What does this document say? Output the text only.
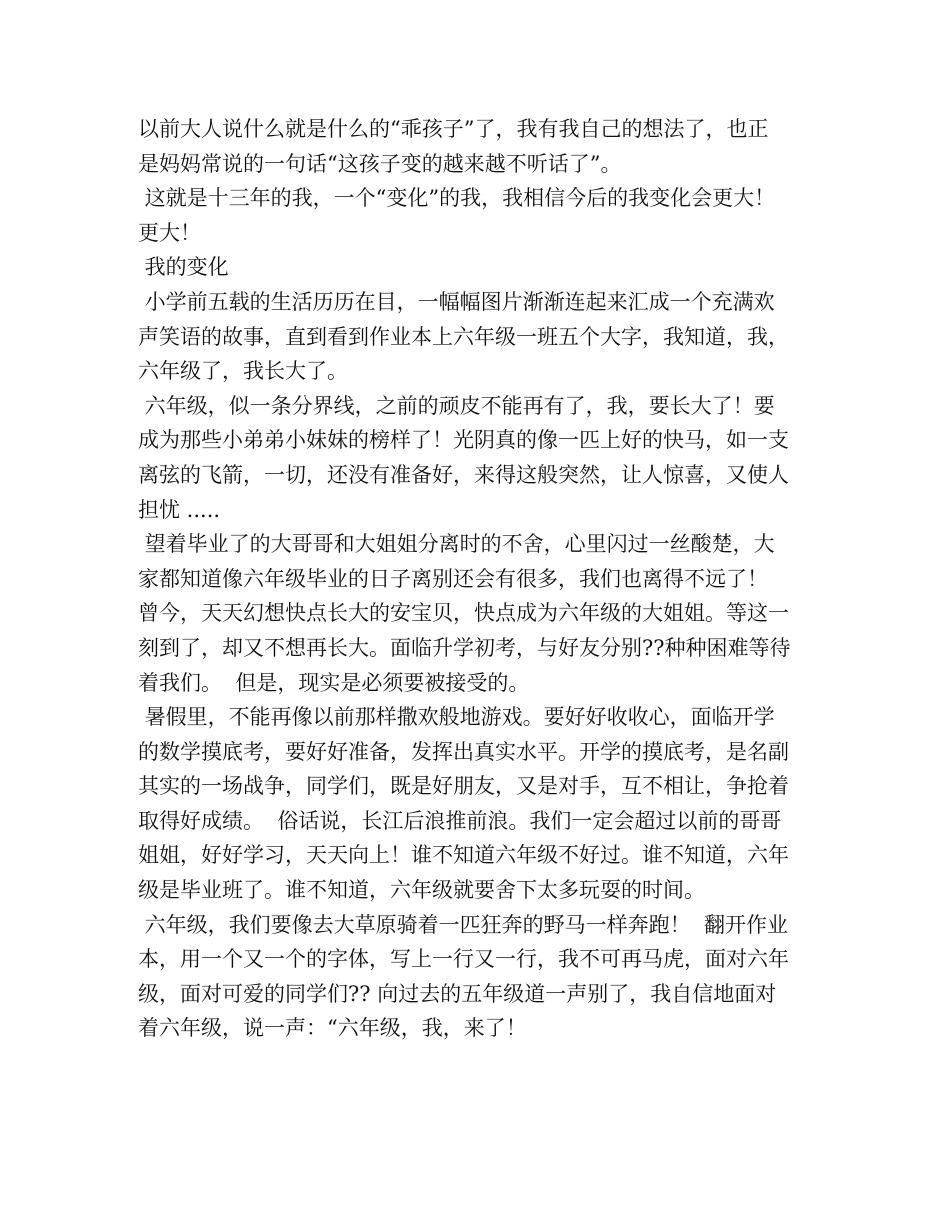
以前大人说什么就是什么的“乖孩子”了，我有我自己的想法了，也正
是妈妈常说的一句话“这孩子变的越来越不听话了”。
这就是十三年的我，一个“变化”的我，我相信今后的我变化会更大！
更大！
我的变化
小学前五载的生活历历在目，一幅幅图片渐渐连起来汇成一个充满欢
声笑语的故事，直到看到作业本上六年级一班五个大字，我知道，我，
六年级了，我长大了。
六年级，似一条分界线，之前的顽皮不能再有了，我，要长大了！要
成为那些小弟弟小妹妹的榜样了！光阴真的像一匹上好的快马，如一支
离弦的飞箭，一切，还没有准备好，来得这般突然，让人惊喜，又使人
担忧 .....
望着毕业了的大哥哥和大姐姐分离时的不舍，心里闪过一丝酸楚，大
家都知道像六年级毕业的日子离别还会有很多，我们也离得不远了！
曾今，天天幻想快点长大的安宝贝，快点成为六年级的大姐姐。等这一
刻到了，却又不想再长大。面临升学初考，与好友分别??种种困难等待
着我们。  但是，现实是必须要被接受的。
暑假里，不能再像以前那样撒欢般地游戏。要好好收收心，面临开学
的数学摸底考，要好好准备，发挥出真实水平。开学的摸底考，是名副
其实的一场战争，同学们，既是好朋友，又是对手，互不相让，争抢着
取得好成绩。  俗话说，长江后浪推前浪。我们一定会超过以前的哥哥
姐姐，好好学习，天天向上！谁不知道六年级不好过。谁不知道，六年
级是毕业班了。谁不知道，六年级就要舍下太多玩耍的时间。
六年级，我们要像去大草原骑着一匹狂奔的野马一样奔跑！  翻开作业
本，用一个又一个的字体，写上一行又一行，我不可再马虎，面对六年
级，面对可爱的同学们?? 向过去的五年级道一声别了，我自信地面对
着六年级，说一声：“六年级，我，来了！
